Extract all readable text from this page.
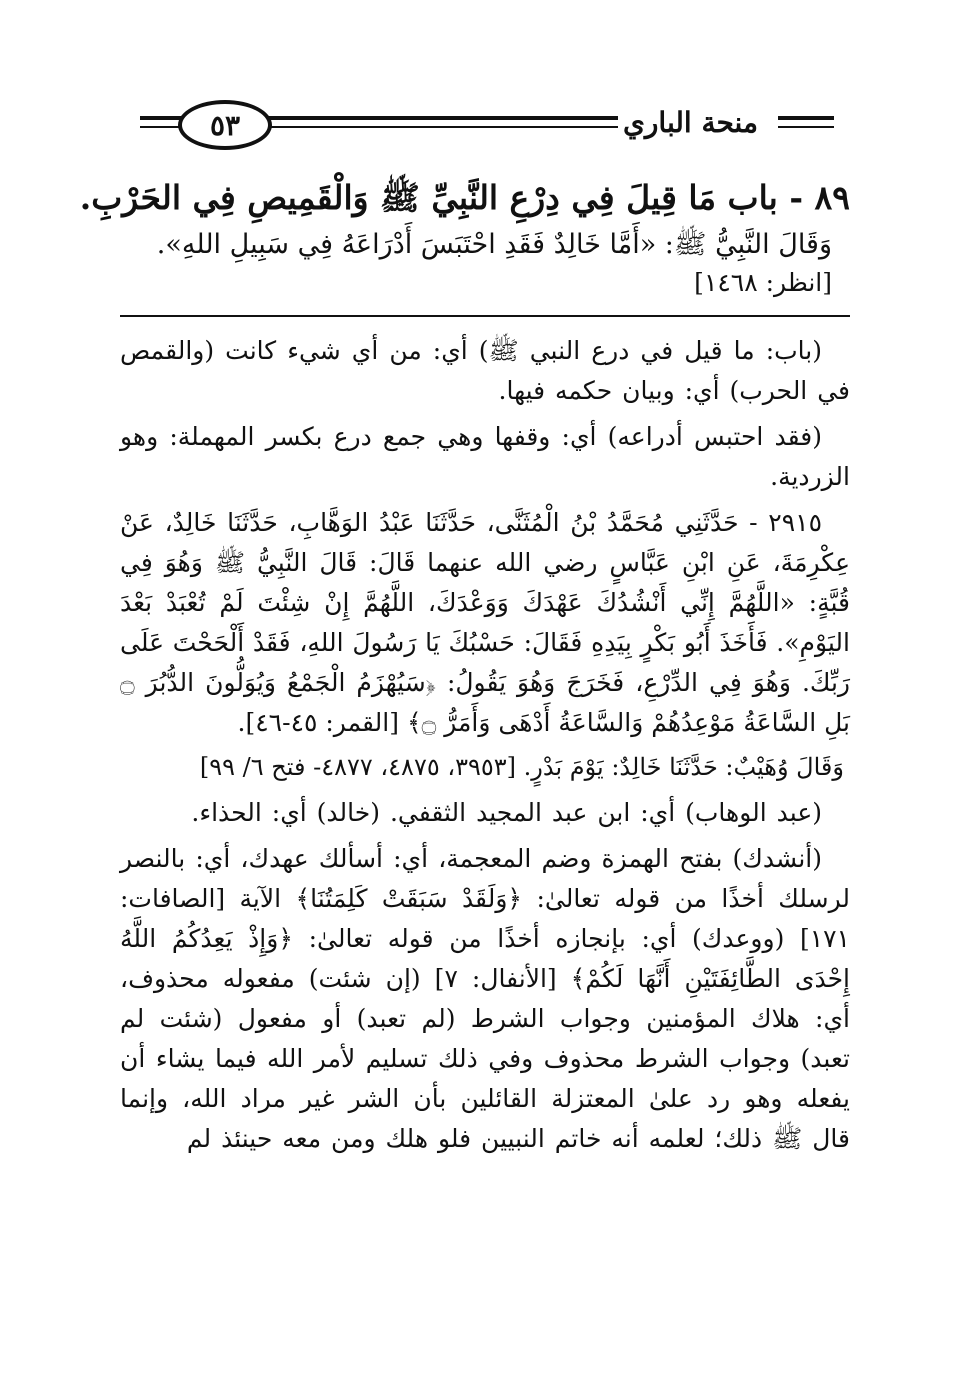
٥٣	منحة الباري
٨٩ - باب مَا قِيلَ فِي دِرْعِ النَّبِيِّ ﷺ وَالْقَمِيصِ فِي الحَرْبِ.
وَقَالَ النَّبِيُّ ﷺ: «أَمَّا خَالِدٌ فَقَدِ احْتَبَسَ أَدْرَاعَهُ فِي سَبِيلِ اللهِ».
[انظر: ١٤٦٨]

(باب: ما قيل في درع النبي ﷺ) أي: من أي شيء كانت (والقمص في الحرب) أي: وبيان حكمه فيها.

(فقد احتبس أدراعه) أي: وقفها وهي جمع درع بكسر المهملة: وهو الزردية.

٢٩١٥ - حَدَّثَنِي مُحَمَّدُ بْنُ الْمُثَنَّى، حَدَّثَنَا عَبْدُ الوَهَّابِ، حَدَّثَنَا خَالِدٌ، عَنْ عِكْرِمَةَ، عَنِ ابْنِ عَبَّاسٍ رضي الله عنهما قَالَ: قَالَ النَّبِيُّ ﷺ وَهُوَ فِي قُبَّةٍ: «اللَّهُمَّ إِنِّي أَنْشُدُكَ عَهْدَكَ وَوَعْدَكَ، اللَّهُمَّ إِنْ شِئْتَ لَمْ تُعْبَدْ بَعْدَ اليَوْمِ». فَأَخَذَ أَبُو بَكْرٍ بِيَدِهِ فَقَالَ: حَسْبُكَ يَا رَسُولَ اللهِ، فَقَدْ أَلْحَحْتَ عَلَى رَبِّكَ. وَهُوَ فِي الدِّرْعِ، فَخَرَجَ وَهُوَ يَقُولُ: ﴿سَيُهْزَمُ الْجَمْعُ وَيُوَلُّونَ الدُّبُرَ ۝ بَلِ السَّاعَةُ مَوْعِدُهُمْ وَالسَّاعَةُ أَدْهَى وَأَمَرُّ ۝﴾ [القمر: ٤٥-٤٦].
وَقَالَ وُهَيْبٌ: حَدَّثَنَا خَالِدٌ: يَوْمَ بَدْرٍ. [٣٩٥٣، ٤٨٧٥، ٤٨٧٧- فتح ٦/ ٩٩]

(عبد الوهاب) أي: ابن عبد المجيد الثقفي. (خالد) أي: الحذاء.

(أنشدك) بفتح الهمزة وضم المعجمة، أي: أسألك عهدك، أي: بالنصر لرسلك أخذًا من قوله تعالىٰ: ﴿وَلَقَدْ سَبَقَتْ كَلِمَتُنَا﴾ الآية [الصافات: ١٧١] (ووعدك) أي: بإنجازه أخذًا من قوله تعالىٰ: ﴿وَإِذْ يَعِدُكُمُ اللَّهُ إِحْدَى الطَّائِفَتَيْنِ أَنَّهَا لَكُمْ﴾ [الأنفال: ٧] (إن شئت) مفعوله محذوف، أي: هلاك المؤمنين وجواب الشرط (لم تعبد) أو مفعول (شئت لم تعبد) وجواب الشرط محذوف وفي ذلك تسليم لأمر الله فيما يشاء أن يفعله وهو رد علىٰ المعتزلة القائلين بأن الشر غير مراد الله، وإنما قال ﷺ ذلك؛ لعلمه أنه خاتم النبيين فلو هلك ومن معه حينئذ لم
